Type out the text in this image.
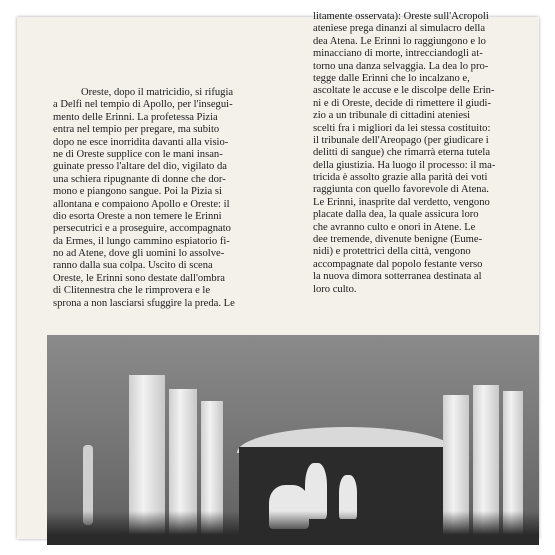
Oreste, dopo il matricidio, si rifugia
a Delfi nel tempio di Apollo, per l'insegui-
mento delle Erinni. La profetessa Pizia
entra nel tempio per pregare, ma subito
dopo ne esce inorridita davanti alla visio-
ne di Oreste supplice con le mani insan-
guinate presso l'altare del dio, vigilato da
una schiera ripugnante di donne che dor-
mono e piangono sangue. Poi la Pizia si
allontana e compaiono Apollo e Oreste: il
dio esorta Oreste a non temere le Erinni
persecutrici e a proseguire, accompagnato
da Ermes, il lungo cammino espiatorio fi-
no ad Atene, dove gli uomini lo assolve-
ranno dalla sua colpa. Uscito di scena
Oreste, le Erinni sono destate dall'ombra
di Clitennestra che le rimprovera e le
sprona a non lasciarsi sfuggire la preda. Le
litamente osservata): Oreste sull'Acropoli
ateniese prega dinanzi al simulacro della
dea Atena. Le Erinni lo raggiungono e lo
minacciano di morte, intrecciandogli at-
torno una danza selvaggia. La dea lo pro-
tegge dalle Erinni che lo incalzano e,
ascoltate le accuse e le discolpe delle Erin-
ni e di Oreste, decide di rimettere il giudi-
zio a un tribunale di cittadini ateniesi
scelti fra i migliori da lei stessa costituito:
il tribunale dell'Areopago (per giudicare i
delitti di sangue) che rimarrà eterna tutela
della giustizia. Ha luogo il processo: il ma-
tricida è assolto grazie alla parità dei voti
raggiunta con quello favorevole di Atena.
Le Erinni, inasprite dal verdetto, vengono
placate dalla dea, la quale assicura loro
che avranno culto e onori in Atene. Le
dee tremende, divenute benigne (Eume-
nidi) e protettrici della città, vengono
accompagnate dal popolo festante verso
la nuova dimora sotterranea destinata al
loro culto.
